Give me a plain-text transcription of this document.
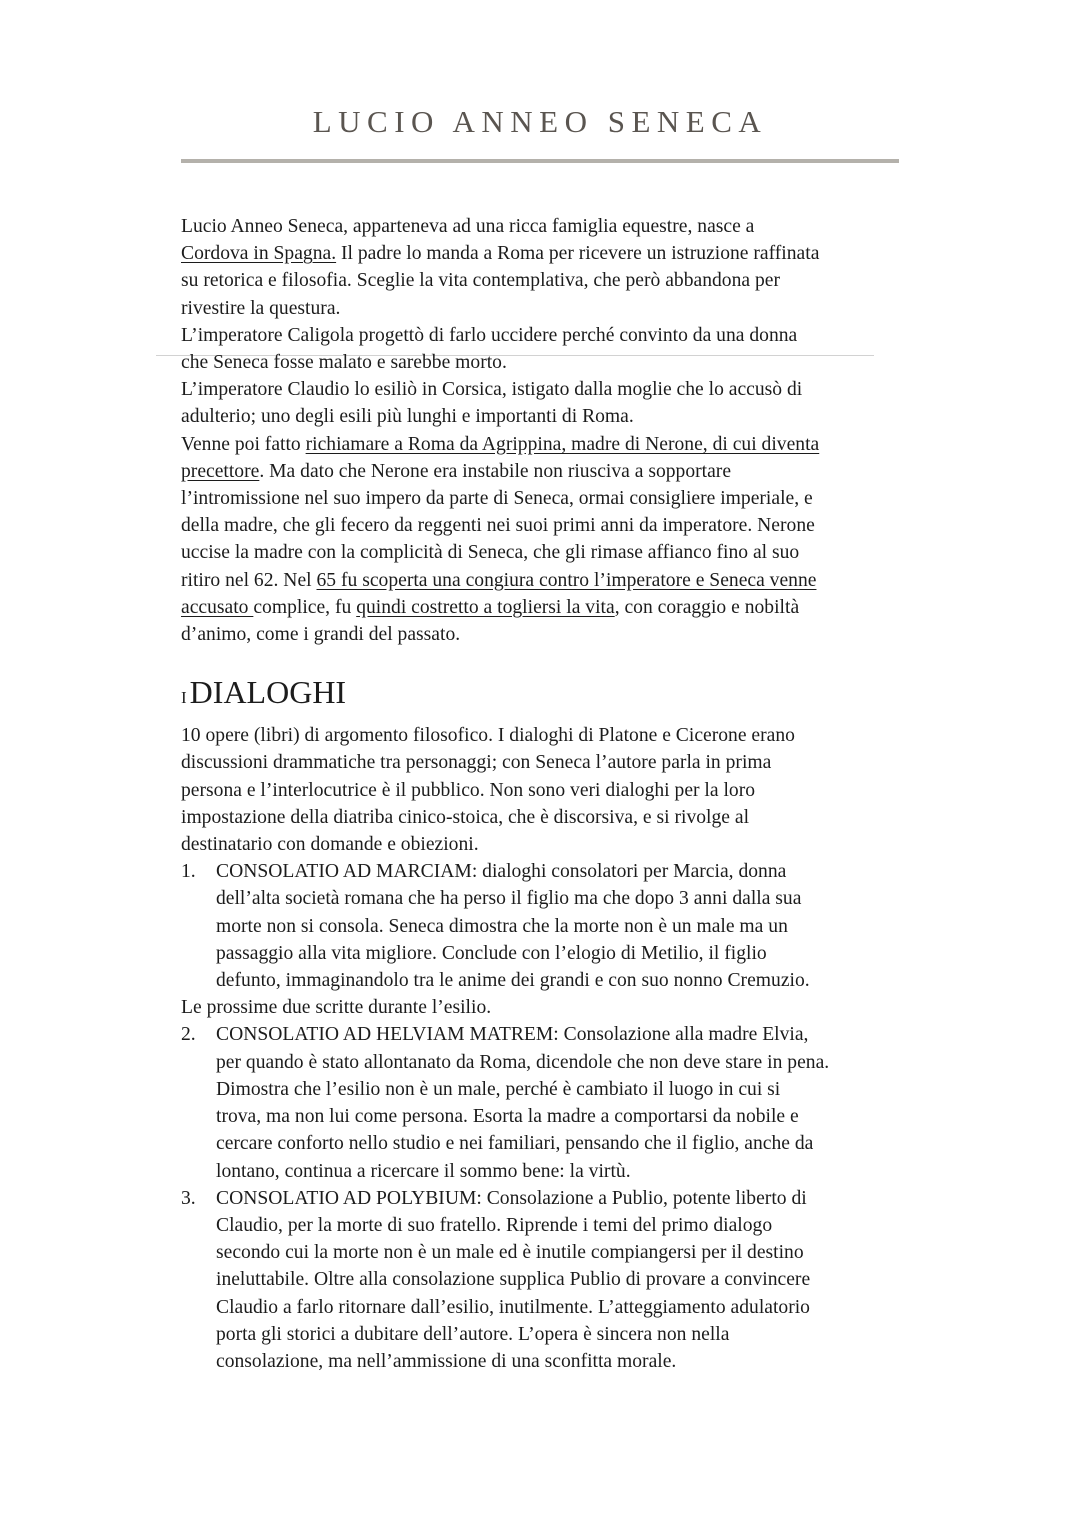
LUCIO ANNEO SENECA

Lucio Anneo Seneca, apparteneva ad una ricca famiglia equestre, nasce a

Cordova in Spagna. Il padre lo manda a Roma per ricevere un istruzione raffinata

su retorica e filosofia. Sceglie la vita contemplativa, che però abbandona per

rivestire la questura.

L’imperatore Caligola progettò di farlo uccidere perché convinto da una donna

che Seneca fosse malato e sarebbe morto.

L’imperatore Claudio lo esiliò in Corsica, istigato dalla moglie che lo accusò di

adulterio; uno degli esili più lunghi e importanti di Roma.

Venne poi fatto richiamare a Roma da Agrippina, madre di Nerone, di cui diventa

precettore. Ma dato che Nerone era instabile non riusciva a sopportare

l’intromissione nel suo impero da parte di Seneca, ormai consigliere imperiale, e

della madre, che gli fecero da reggenti nei suoi primi anni da imperatore. Nerone

uccise la madre con la complicità di Seneca, che gli rimase affianco fino al suo

ritiro nel 62. Nel 65 fu scoperta una congiura contro l’imperatore e Seneca venne

accusato complice, fu quindi costretto a togliersi la vita, con coraggio e nobiltà

d’animo, come i grandi del passato.

IDIALOGHI

10 opere (libri) di argomento filosofico. I dialoghi di Platone e Cicerone erano

discussioni drammatiche tra personaggi; con Seneca l’autore parla in prima

persona e l’interlocutrice è il pubblico. Non sono veri dialoghi per la loro

impostazione della diatriba cinico-stoica, che è discorsiva, e si rivolge al

destinatario con domande e obiezioni.

1.	CONSOLATIO AD MARCIAM: dialoghi consolatori per Marcia, donna

dell’alta società romana che ha perso il figlio ma che dopo 3 anni dalla sua

morte non si consola. Seneca dimostra che la morte non è un male ma un

passaggio alla vita migliore. Conclude con l’elogio di Metilio, il figlio

defunto, immaginandolo tra le anime dei grandi e con suo nonno Cremuzio.

Le prossime due scritte durante l’esilio.

2.	CONSOLATIO AD HELVIAM MATREM: Consolazione alla madre Elvia,

per quando è stato allontanato da Roma, dicendole che non deve stare in pena.

Dimostra che l’esilio non è un male, perché è cambiato il luogo in cui si

trova, ma non lui come persona. Esorta la madre a comportarsi da nobile e

cercare conforto nello studio e nei familiari, pensando che il figlio, anche da

lontano, continua a ricercare il sommo bene: la virtù.

3.	CONSOLATIO AD POLYBIUM: Consolazione a Publio, potente liberto di

Claudio, per la morte di suo fratello. Riprende i temi del primo dialogo

secondo cui la morte non è un male ed è inutile compiangersi per il destino

ineluttabile. Oltre alla consolazione supplica Publio di provare a convincere

Claudio a farlo ritornare dall’esilio, inutilmente. L’atteggiamento adulatorio

porta gli storici a dubitare dell’autore. L’opera è sincera non nella

consolazione, ma nell’ammissione di una sconfitta morale.
